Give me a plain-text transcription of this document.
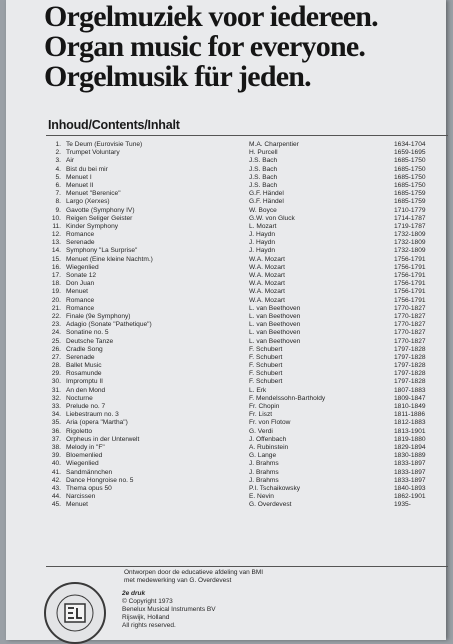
Orgelmuziek voor iedereen.
Organ music for everyone.
Orgelmusik für jeden.
Inhoud/Contents/Inhalt
1. Te Deum (Eurovisie Tune)	M.A. Charpentier	1634-1704
2. Trumpet Voluntary	H. Purcell	1659-1695
3. Air	J.S. Bach	1685-1750
4. Bist du bei mir	J.S. Bach	1685-1750
5. Menuet I	J.S. Bach	1685-1750
6. Menuet II	J.S. Bach	1685-1750
7. Menuet "Berenice"	G.F. Händel	1685-1759
8. Largo (Xerxes)	G.F. Händel	1685-1759
9. Gavotte (Symphony IV)	W. Boyce	1710-1779
10. Reigen Seliger Geister	G.W. von Gluck	1714-1787
11. Kinder Symphony	L. Mozart	1719-1787
12. Romance	J. Haydn	1732-1809
13. Serenade	J. Haydn	1732-1809
14. Symphony "La Surprise"	J. Haydn	1732-1809
15. Menuet (Eine kleine Nachtm.)	W.A. Mozart	1756-1791
16. Wiegenlied	W.A. Mozart	1756-1791
17. Sonate 12	W.A. Mozart	1756-1791
18. Don Juan	W.A. Mozart	1756-1791
19. Menuet	W.A. Mozart	1756-1791
20. Romance	W.A. Mozart	1756-1791
21. Romance	L. van Beethoven	1770-1827
22. Finale (9e Symphony)	L. van Beethoven	1770-1827
23. Adagio (Sonate "Pathetique")	L. van Beethoven	1770-1827
24. Sonatine no. 5	L. van Beethoven	1770-1827
25. Deutsche Tanze	L. van Beethoven	1770-1827
26. Cradle Song	F. Schubert	1797-1828
27. Serenade	F. Schubert	1797-1828
28. Ballet Music	F. Schubert	1797-1828
29. Rosamunde	F. Schubert	1797-1828
30. Impromptu II	F. Schubert	1797-1828
31. An den Mond	L. Erk	1807-1883
32. Nocturne	F. Mendelssohn-Bartholdy	1809-1847
33. Prelude no. 7	Fr. Chopin	1810-1849
34. Liebestraum no. 3	Fr. Liszt	1811-1886
35. Aria (opera "Martha")	Fr. von Flotow	1812-1883
36. Rigoletto	G. Verdi	1813-1901
37. Orpheus in der Unterwelt	J. Offenbach	1819-1880
38. Melody in "F"	A. Rubinstein	1829-1894
39. Bloemenlied	G. Lange	1830-1889
40. Wiegenlied	J. Brahms	1833-1897
41. Sandmännchen	J. Brahms	1833-1897
42. Dance Hongroise no. 5	J. Brahms	1833-1897
43. Thema opus 50	P.I. Tschaikowsky	1840-1893
44. Narcissen	E. Nevin	1862-1901
45. Menuet	G. Overdevest	1935-
Ontworpen door de educatieve afdeling van BMI
met medewerking van G. Overdevest
2e druk
© Copyright 1973
Benelux Musical Instruments BV
Rijswijk, Holland
All rights reserved.
